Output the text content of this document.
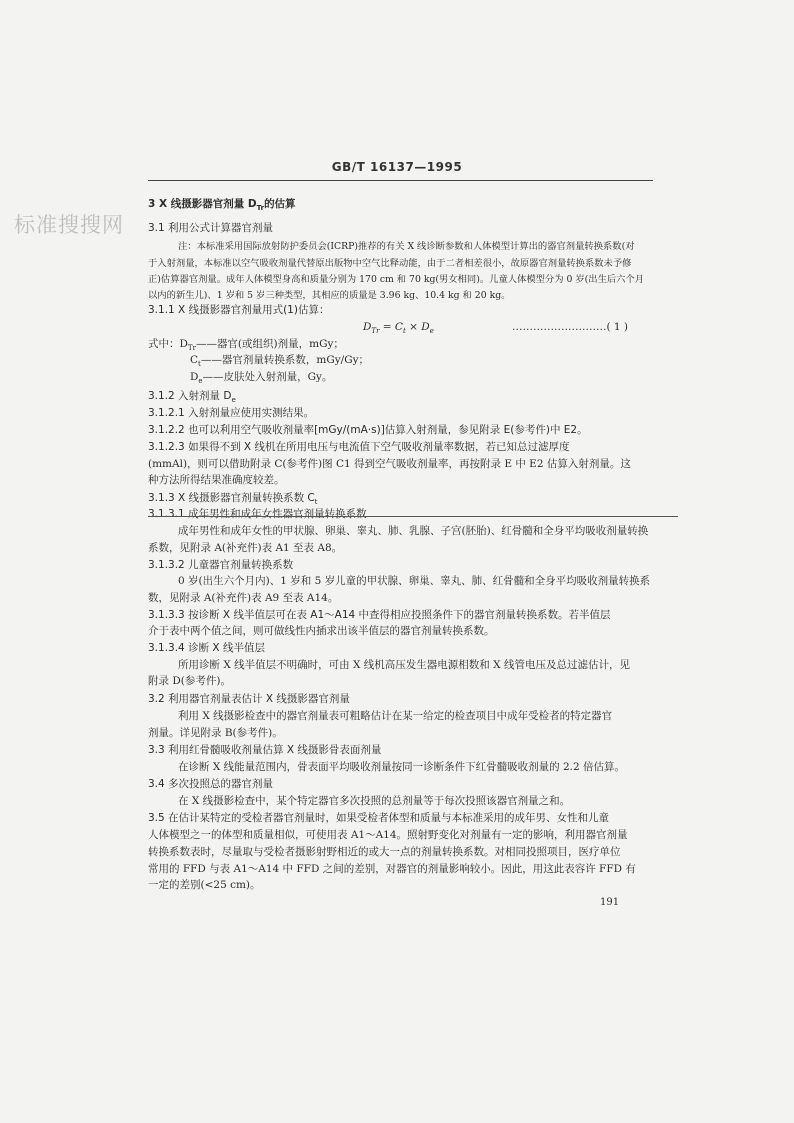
GB/T 16137—1995
标准搜搜网
3 X 线摄影器官剂量 $D_{Tr}$的估算
3.1 利用公式计算器官剂量
注：本标准采用国际放射防护委员会(ICRP)推荐的有关 X 线诊断参数和人体模型计算出的器官剂量转换系数(对
于入射剂量，本标准以空气吸收剂量代替原出版物中空气比释动能，由于二者相差很小，故原器官剂量转换系数未予修
正)估算器官剂量。成年人体模型身高和质量分别为 170 cm 和 70 kg(男女相同)。儿童人体模型分为 0 岁(出生后六个月
以内的新生儿)、1 岁和 5 岁三种类型，其相应的质量是 3.96 kg、10.4 kg 和 20 kg。
3.1.1 X 线摄影器官剂量用式(1)估算：
$D_{Tr} = C_t \times D_e$	………………………( 1 )
式中：$D_{Tr}——$器官(或组织)剂量，mGy；
$C_t——$器官剂量转换系数，mGy/Gy；
$D_e——$皮肤处入射剂量，Gy。
3.1.2 入射剂量 $D_e$
3.1.2.1 入射剂量应使用实测结果。
3.1.2.2 也可以利用空气吸收剂量率[mGy/(mA·s)]估算入射剂量，参见附录 E(参考件)中 E2。
3.1.2.3 如果得不到 X 线机在所用电压与电流值下空气吸收剂量率数据，若已知总过滤厚度
(mmAl)，则可以借助附录 C(参考件)图 C1 得到空气吸收剂量率，再按附录 E 中 E2 估算入射剂量。这
种方法所得结果准确度较差。
3.1.3 X 线摄影器官剂量转换系数 $C_t$
3.1.3.1 成年男性和成年女性器官剂量转换系数
成年男性和成年女性的甲状腺、卵巢、睾丸、肺、乳腺、子宫(胚胎)、红骨髓和全身平均吸收剂量转换
系数，见附录 A(补充件)表 A1 至表 A8。
3.1.3.2 儿童器官剂量转换系数
0 岁(出生六个月内)、1 岁和 5 岁儿童的甲状腺、卵巢、睾丸、肺、红骨髓和全身平均吸收剂量转换系
数，见附录 A(补充件)表 A9 至表 A14。
3.1.3.3 按诊断 X 线半值层可在表 A1～A14 中查得相应投照条件下的器官剂量转换系数。若半值层
介于表中两个值之间，则可做线性内插求出该半值层的器官剂量转换系数。
3.1.3.4 诊断 X 线半值层
所用诊断 X 线半值层不明确时，可由 X 线机高压发生器电源相数和 X 线管电压及总过滤估计，见
附录 D(参考件)。
3.2 利用器官剂量表估计 X 线摄影器官剂量
利用 X 线摄影检查中的器官剂量表可粗略估计在某一给定的检查项目中成年受检者的特定器官
剂量。详见附录 B(参考件)。
3.3 利用红骨髓吸收剂量估算 X 线摄影骨表面剂量
在诊断 X 线能量范围内，骨表面平均吸收剂量按同一诊断条件下红骨髓吸收剂量的 2.2 倍估算。
3.4 多次投照总的器官剂量
在 X 线摄影检查中，某个特定器官多次投照的总剂量等于每次投照该器官剂量之和。
3.5 在估计某特定的受检者器官剂量时，如果受检者体型和质量与本标准采用的成年男、女性和儿童
人体模型之一的体型和质量相似，可使用表 A1～A14。照射野变化对剂量有一定的影响，利用器官剂量
转换系数表时，尽量取与受检者摄影射野相近的或大一点的剂量转换系数。对相同投照项目，医疗单位
常用的 FFD 与表 A1～A14 中 FFD 之间的差别，对器官的剂量影响较小。因此，用这此表容许 FFD 有
一定的差别(<25 cm)。
191
